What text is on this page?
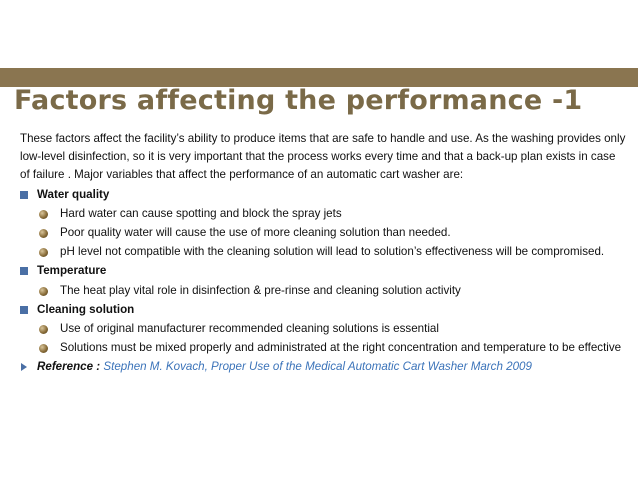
Factors affecting the performance -1

These factors affect the facility’s ability to produce items that are safe to handle and use. As the washing provides only low-level disinfection, so it is very important that the process works every time and that a back-up plan exists in case of failure . Major variables that affect the performance of an automatic cart washer are:

Water quality
Hard water can cause spotting and block the spray jets
Poor quality water will cause the use of more cleaning solution than needed.
pH level not compatible with the cleaning solution will lead to solution’s effectiveness will be compromised.
Temperature
The heat play vital role in disinfection & pre-rinse and cleaning solution activity
Cleaning solution
Use of original manufacturer recommended cleaning solutions is essential
Solutions must be mixed properly and administrated at the right concentration and temperature to be effective
Reference : Stephen M. Kovach, Proper Use of the Medical Automatic Cart Washer March 2009
